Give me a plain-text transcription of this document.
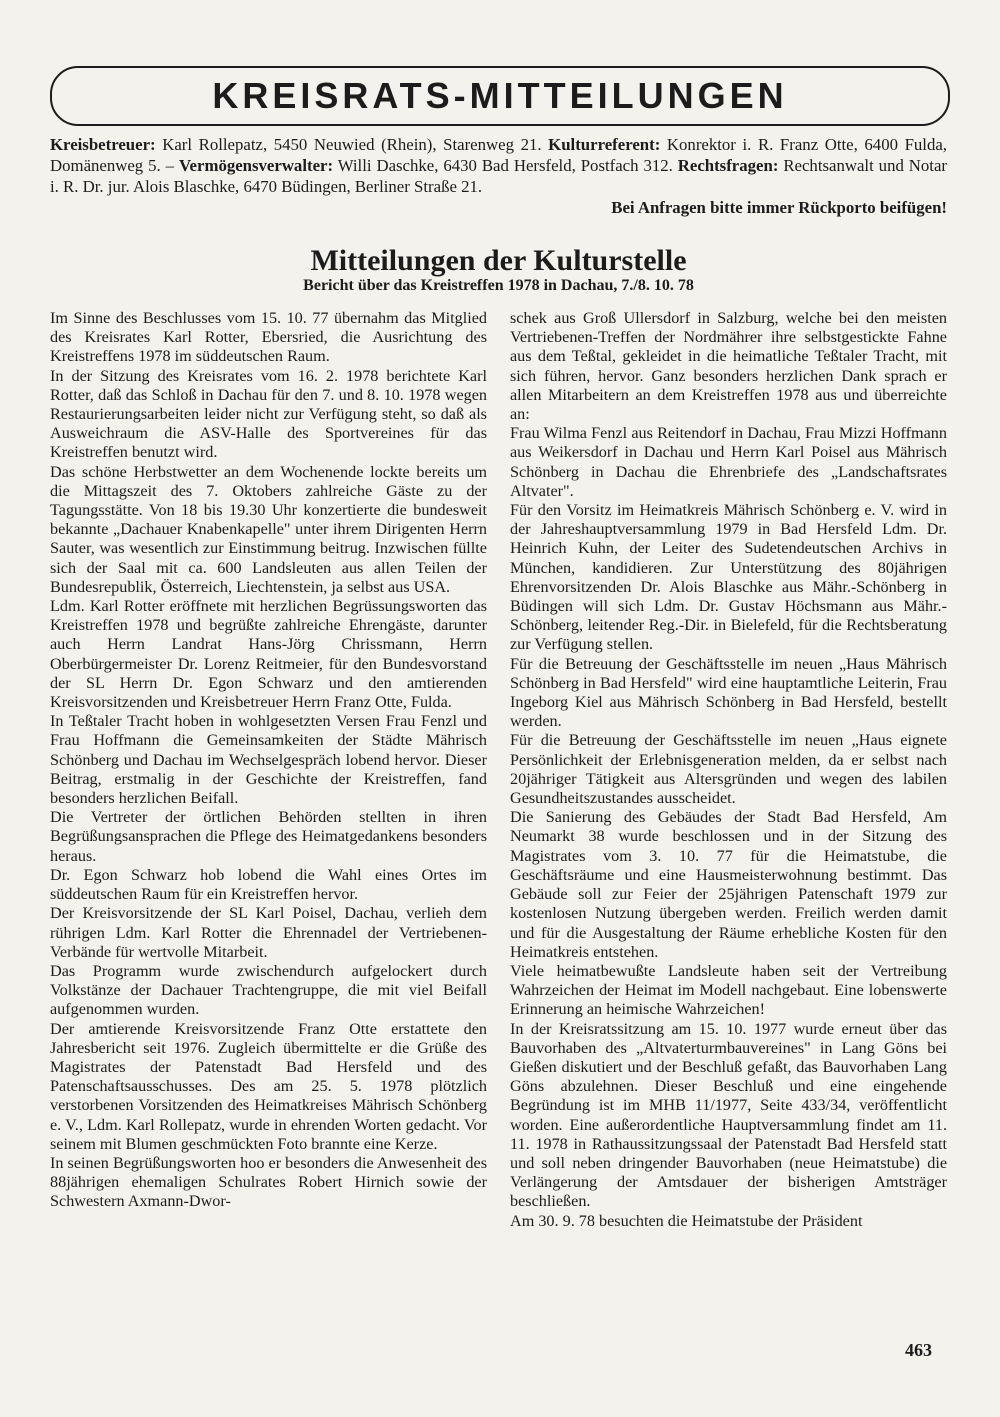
KREISRATS-MITTEILUNGEN
Kreisbetreuer: Karl Rollepatz, 5450 Neuwied (Rhein), Starenweg 21. Kulturreferent: Konrektor i. R. Franz Otte, 6400 Fulda, Domänenweg 5. – Vermögensverwalter: Willi Daschke, 6430 Bad Hersfeld, Postfach 312. Rechtsfragen: Rechtsanwalt und Notar i. R. Dr. jur. Alois Blaschke, 6470 Büdingen, Berliner Straße 21.
Bei Anfragen bitte immer Rückporto beifügen!
Mitteilungen der Kulturstelle
Bericht über das Kreistreffen 1978 in Dachau, 7./8. 10. 78

Im Sinne des Beschlusses vom 15. 10. 77 übernahm das Mitglied des Kreisrates Karl Rotter, Ebersried, die Ausrichtung des Kreistreffens 1978 im süddeutschen Raum.

In der Sitzung des Kreisrates vom 16. 2. 1978 berichtete Karl Rotter, daß das Schloß in Dachau für den 7. und 8. 10. 1978 wegen Restaurierungsarbeiten leider nicht zur Verfügung steht, so daß als Ausweichraum die ASV-Halle des Sportvereines für das Kreistreffen benutzt wird.

Das schöne Herbstwetter an dem Wochenende lockte bereits um die Mittagszeit des 7. Oktobers zahlreiche Gäste zu der Tagungsstätte. Von 18 bis 19.30 Uhr konzertierte die bundesweit bekannte „Dachauer Knabenkapelle" unter ihrem Dirigenten Herrn Sauter, was wesentlich zur Einstimmung beitrug. Inzwischen füllte sich der Saal mit ca. 600 Landsleuten aus allen Teilen der Bundesrepublik, Österreich, Liechtenstein, ja selbst aus USA.

Ldm. Karl Rotter eröffnete mit herzlichen Begrüssungsworten das Kreistreffen 1978 und begrüßte zahlreiche Ehrengäste, darunter auch Herrn Landrat Hans-Jörg Chrissmann, Herrn Oberbürgermeister Dr. Lorenz Reitmeier, für den Bundesvorstand der SL Herrn Dr. Egon Schwarz und den amtierenden Kreisvorsitzenden und Kreisbetreuer Herrn Franz Otte, Fulda.

In Teßtaler Tracht hoben in wohlgesetzten Versen Frau Fenzl und Frau Hoffmann die Gemeinsamkeiten der Städte Mährisch Schönberg und Dachau im Wechselgespräch lobend hervor. Dieser Beitrag, erstmalig in der Geschichte der Kreistreffen, fand besonders herzlichen Beifall.

Die Vertreter der örtlichen Behörden stellten in ihren Begrüßungsansprachen die Pflege des Heimatgedankens besonders heraus.

Dr. Egon Schwarz hob lobend die Wahl eines Ortes im süddeutschen Raum für ein Kreistreffen hervor.

Der Kreisvorsitzende der SL Karl Poisel, Dachau, verlieh dem rührigen Ldm. Karl Rotter die Ehrennadel der Vertriebenen-Verbände für wertvolle Mitarbeit.

Das Programm wurde zwischendurch aufgelockert durch Volkstänze der Dachauer Trachtengruppe, die mit viel Beifall aufgenommen wurden.

Der amtierende Kreisvorsitzende Franz Otte erstattete den Jahresbericht seit 1976. Zugleich übermittelte er die Grüße des Magistrates der Patenstadt Bad Hersfeld und des Patenschaftsausschusses. Des am 25. 5. 1978 plötzlich verstorbenen Vorsitzenden des Heimatkreises Mährisch Schönberg e. V., Ldm. Karl Rollepatz, wurde in ehrenden Worten gedacht. Vor seinem mit Blumen geschmückten Foto brannte eine Kerze.

In seinen Begrüßungsworten hoo er besonders die Anwesenheit des 88jährigen ehemaligen Schulrates Robert Hirnich sowie der Schwestern Axmann-Dwor-

schek aus Groß Ullersdorf in Salzburg, welche bei den meisten Vertriebenen-Treffen der Nordmährer ihre selbstgestickte Fahne aus dem Teßtal, gekleidet in die heimatliche Teßtaler Tracht, mit sich führen, hervor. Ganz besonders herzlichen Dank sprach er allen Mitarbeitern an dem Kreistreffen 1978 aus und überreichte an:

Frau Wilma Fenzl aus Reitendorf in Dachau, Frau Mizzi Hoffmann aus Weikersdorf in Dachau und Herrn Karl Poisel aus Mährisch Schönberg in Dachau die Ehrenbriefe des „Landschaftsrates Altvater".

Für den Vorsitz im Heimatkreis Mährisch Schönberg e. V. wird in der Jahreshauptversammlung 1979 in Bad Hersfeld Ldm. Dr. Heinrich Kuhn, der Leiter des Sudetendeutschen Archivs in München, kandidieren. Zur Unterstützung des 80jährigen Ehrenvorsitzenden Dr. Alois Blaschke aus Mähr.-Schönberg in Büdingen will sich Ldm. Dr. Gustav Höchsmann aus Mähr.-Schönberg, leitender Reg.-Dir. in Bielefeld, für die Rechtsberatung zur Verfügung stellen.

Für die Betreuung der Geschäftsstelle im neuen „Haus Mährisch Schönberg in Bad Hersfeld" wird eine hauptamtliche Leiterin, Frau Ingeborg Kiel aus Mährisch Schönberg in Bad Hersfeld, bestellt werden.

Für die Betreuung der Geschäftsstelle im neuen „Haus eignete Persönlichkeit der Erlebnisgeneration melden, da er selbst nach 20jähriger Tätigkeit aus Altersgründen und wegen des labilen Gesundheitszustandes ausscheidet.

Die Sanierung des Gebäudes der Stadt Bad Hersfeld, Am Neumarkt 38 wurde beschlossen und in der Sitzung des Magistrates vom 3. 10. 77 für die Heimatstube, die Geschäftsräume und eine Hausmeisterwohnung bestimmt. Das Gebäude soll zur Feier der 25jährigen Patenschaft 1979 zur kostenlosen Nutzung übergeben werden. Freilich werden damit und für die Ausgestaltung der Räume erhebliche Kosten für den Heimatkreis entstehen.

Viele heimatbewußte Landsleute haben seit der Vertreibung Wahrzeichen der Heimat im Modell nachgebaut. Eine lobenswerte Erinnerung an heimische Wahrzeichen!

In der Kreisratssitzung am 15. 10. 1977 wurde erneut über das Bauvorhaben des „Altvaterturmbauvereines" in Lang Göns bei Gießen diskutiert und der Beschluß gefaßt, das Bauvorhaben Lang Göns abzulehnen. Dieser Beschluß und eine eingehende Begründung ist im MHB 11/1977, Seite 433/34, veröffentlicht worden. Eine außerordentliche Hauptversammlung findet am 11. 11. 1978 in Rathaussitzungssaal der Patenstadt Bad Hersfeld statt und soll neben dringender Bauvorhaben (neue Heimatstube) die Verlängerung der Amtsdauer der bisherigen Amtsträger beschließen.

Am 30. 9. 78 besuchten die Heimatstube der Präsident

463
